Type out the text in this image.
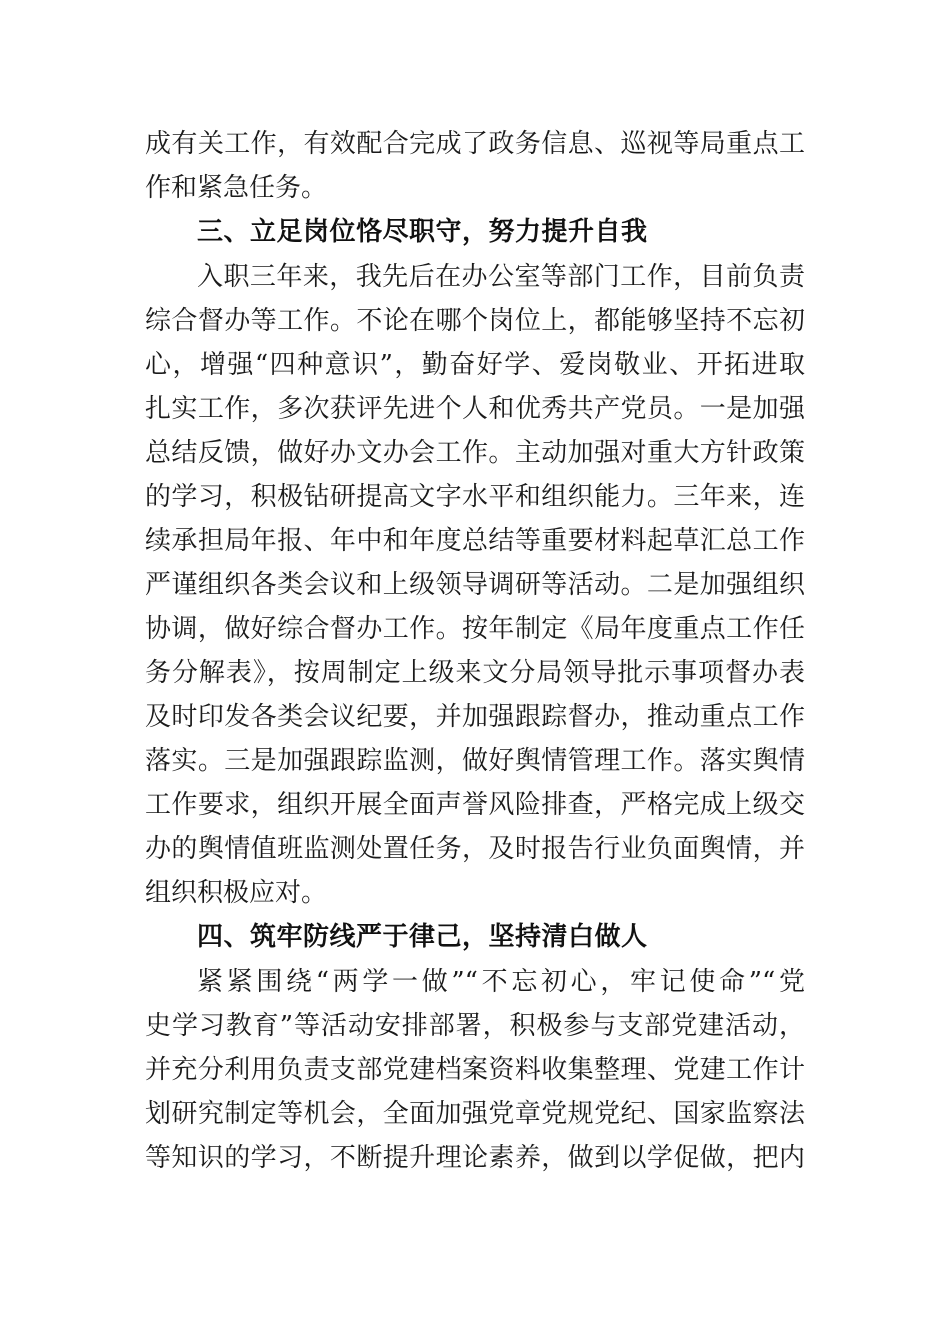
成有关工作，有效配合完成了政务信息、巡视等局重点工
作和紧急任务。
三、立足岗位恪尽职守，努力提升自我
入职三年来，我先后在办公室等部门工作，目前负责
综合督办等工作。不论在哪个岗位上，都能够坚持不忘初
心，增强“四种意识”，勤奋好学、爱岗敬业、开拓进取
扎实工作，多次获评先进个人和优秀共产党员。一是加强
总结反馈，做好办文办会工作。主动加强对重大方针政策
的学习，积极钻研提高文字水平和组织能力。三年来，连
续承担局年报、年中和年度总结等重要材料起草汇总工作
严谨组织各类会议和上级领导调研等活动。二是加强组织
协调，做好综合督办工作。按年制定《局年度重点工作任
务分解表》，按周制定上级来文分局领导批示事项督办表
及时印发各类会议纪要，并加强跟踪督办，推动重点工作
落实。三是加强跟踪监测，做好舆情管理工作。落实舆情
工作要求，组织开展全面声誉风险排查，严格完成上级交
办的舆情值班监测处置任务，及时报告行业负面舆情，并
组织积极应对。
四、筑牢防线严于律己，坚持清白做人
紧紧围绕“两学一做”“不忘初心，牢记使命”“党
史学习教育”等活动安排部署，积极参与支部党建活动，
并充分利用负责支部党建档案资料收集整理、党建工作计
划研究制定等机会，全面加强党章党规党纪、国家监察法
等知识的学习，不断提升理论素养，做到以学促做，把内
